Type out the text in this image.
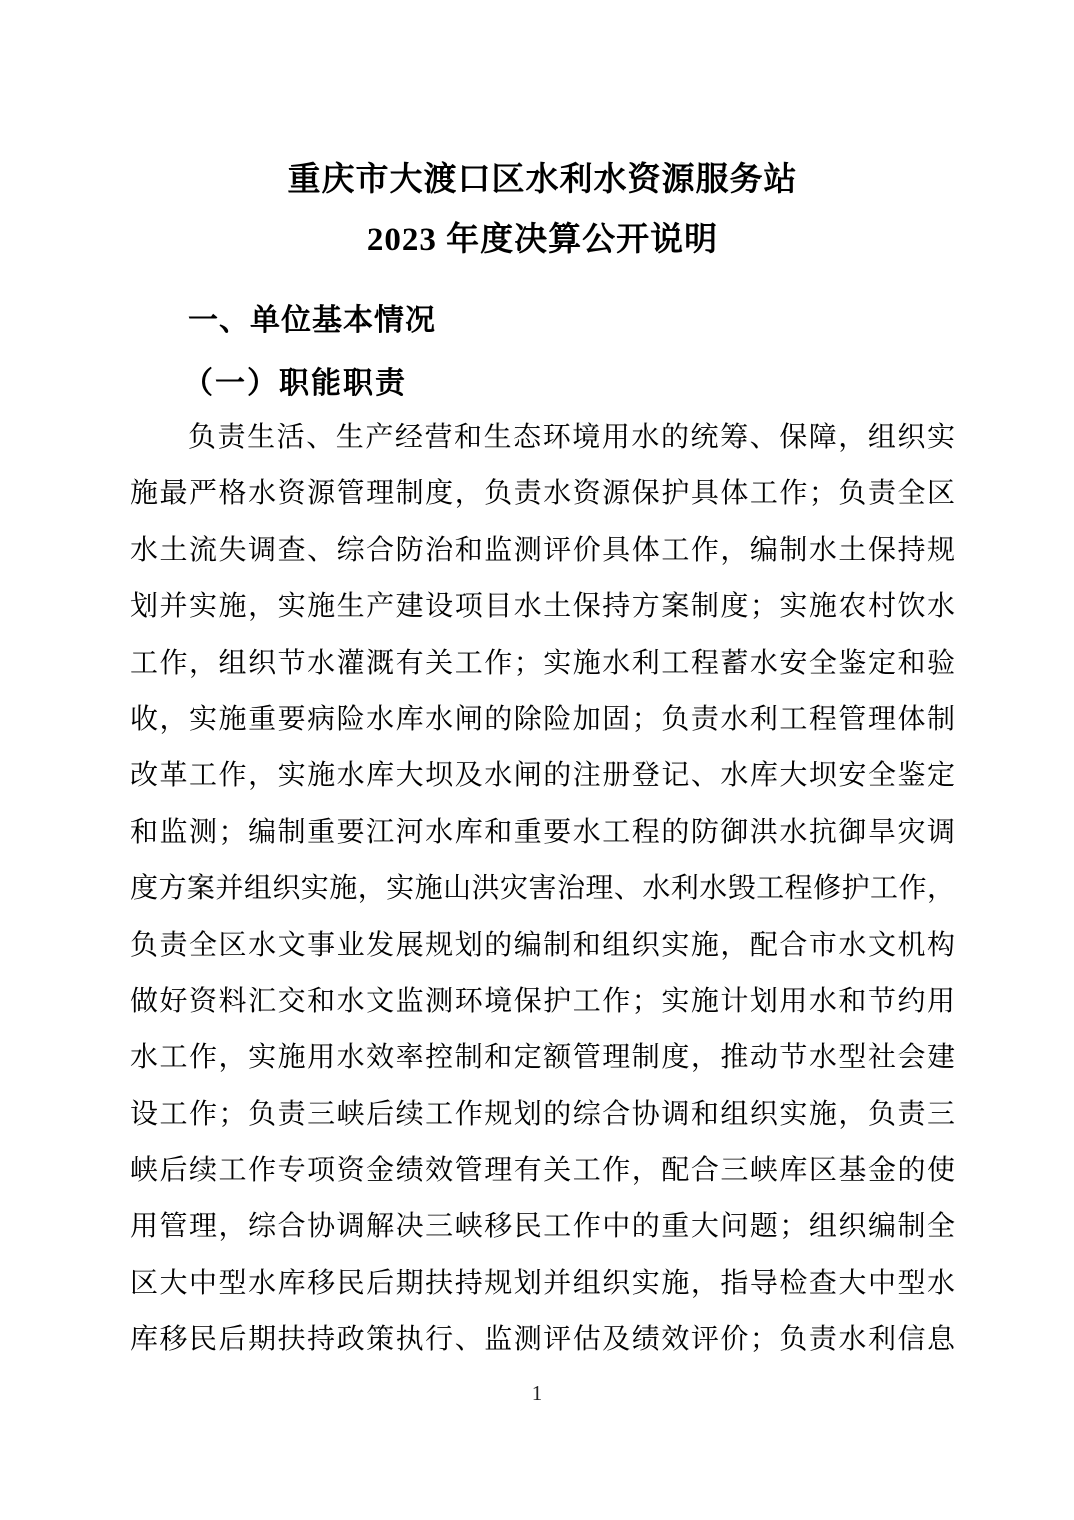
重庆市大渡口区水利水资源服务站
2023 年度决算公开说明
一、单位基本情况
（一）职能职责
负责生活、生产经营和生态环境用水的统筹、保障，组织实
施最严格水资源管理制度，负责水资源保护具体工作；负责全区
水土流失调查、综合防治和监测评价具体工作，编制水土保持规
划并实施，实施生产建设项目水土保持方案制度；实施农村饮水
工作，组织节水灌溉有关工作；实施水利工程蓄水安全鉴定和验
收，实施重要病险水库水闸的除险加固；负责水利工程管理体制
改革工作，实施水库大坝及水闸的注册登记、水库大坝安全鉴定
和监测；编制重要江河水库和重要水工程的防御洪水抗御旱灾调
度方案并组织实施，实施山洪灾害治理、水利水毁工程修护工作，
负责全区水文事业发展规划的编制和组织实施，配合市水文机构
做好资料汇交和水文监测环境保护工作；实施计划用水和节约用
水工作，实施用水效率控制和定额管理制度，推动节水型社会建
设工作；负责三峡后续工作规划的综合协调和组织实施，负责三
峡后续工作专项资金绩效管理有关工作，配合三峡库区基金的使
用管理，综合协调解决三峡移民工作中的重大问题；组织编制全
区大中型水库移民后期扶持规划并组织实施，指导检查大中型水
库移民后期扶持政策执行、监测评估及绩效评价；负责水利信息
1
